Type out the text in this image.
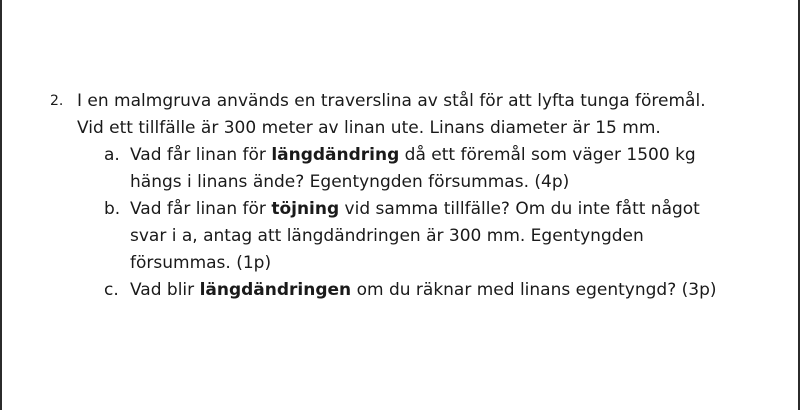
2. I en malmgruva används en traverslina av stål för att lyfta tunga föremål.
Vid ett tillfälle är 300 meter av linan ute. Linans diameter är 15 mm.
a. Vad får linan för längdändring då ett föremål som väger 1500 kg
hängs i linans ände? Egentyngden försummas. (4p)
b. Vad får linan för töjning vid samma tillfälle? Om du inte fått något
svar i a, antag att längdändringen är 300 mm. Egentyngden
försummas. (1p)
c. Vad blir längdändringen om du räknar med linans egentyngd? (3p)
